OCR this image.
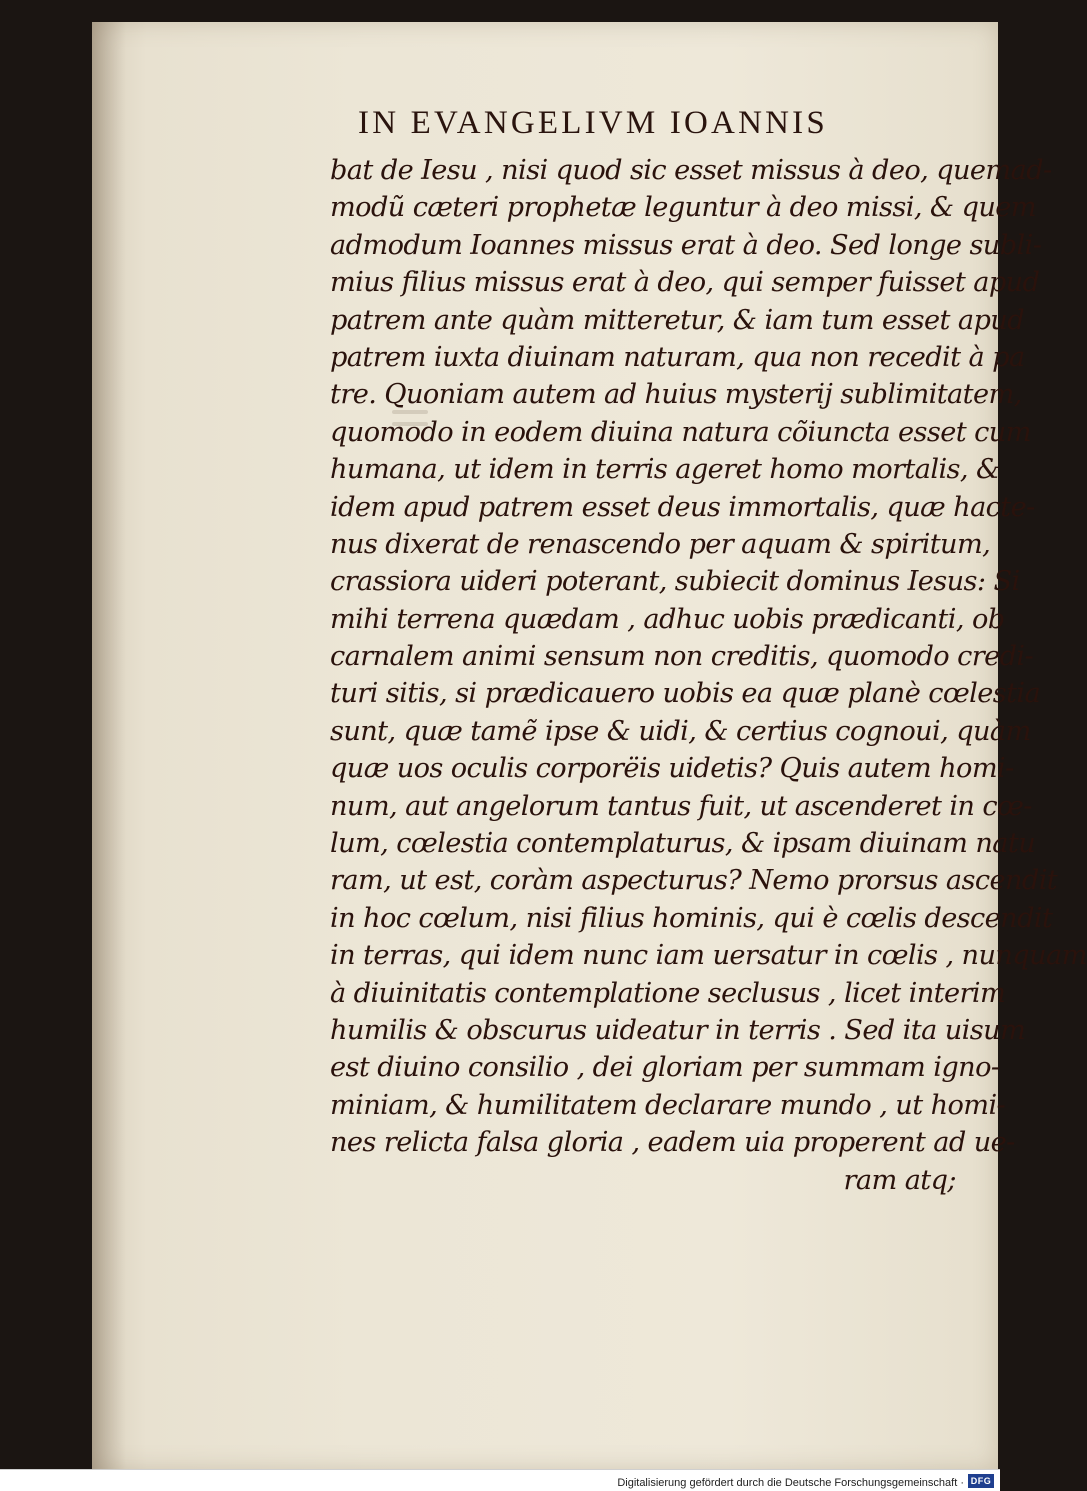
IN EVANGELIVM IOANNIS
bat de Iesu , nisi quod sic esset missus à deo, quemad-
modũ cæteri prophetæ leguntur à deo missi, & quem
admodum Ioannes missus erat à deo. Sed longe subli-
mius filius missus erat à deo, qui semper fuisset apud
patrem ante quàm mitteretur, & iam tum esset apud
patrem iuxta diuinam naturam, qua non recedit à pa
tre. Quoniam autem ad huius mysterij sublimitatem,
quomodo in eodem diuina natura cõiuncta esset cum
humana, ut idem in terris ageret homo mortalis, &
idem apud patrem esset deus immortalis, quæ hacte-
nus dixerat de renascendo per aquam & spiritum,
crassiora uideri poterant, subiecit dominus Iesus: Si
mihi terrena quædam , adhuc uobis prædicanti, ob
carnalem animi sensum non creditis, quomodo credi-
turi sitis, si prædicauero uobis ea quæ planè cœlestia
sunt, quæ tamẽ ipse & uidi, & certius cognoui, quàm
quæ uos oculis corporëis uidetis? Quis autem homi-
num, aut angelorum tantus fuit, ut ascenderet in cœ-
lum, cœlestia contemplaturus, & ipsam diuinam natu
ram, ut est, coràm aspecturus? Nemo prorsus ascendit
in hoc cœlum, nisi filius hominis, qui è cœlis descendit
in terras, qui idem nunc iam uersatur in cœlis , nunquam
à diuinitatis contemplatione seclusus , licet interim
humilis & obscurus uideatur in terris . Sed ita uisum
est diuino consilio , dei gloriam per summam igno-
miniam, & humilitatem declarare mundo , ut homi-
nes relicta falsa gloria , eadem uia properent ad ue-
ram atq;
Digitalisierung gefördert durch die Deutsche Forschungsgemeinschaft · DFG
